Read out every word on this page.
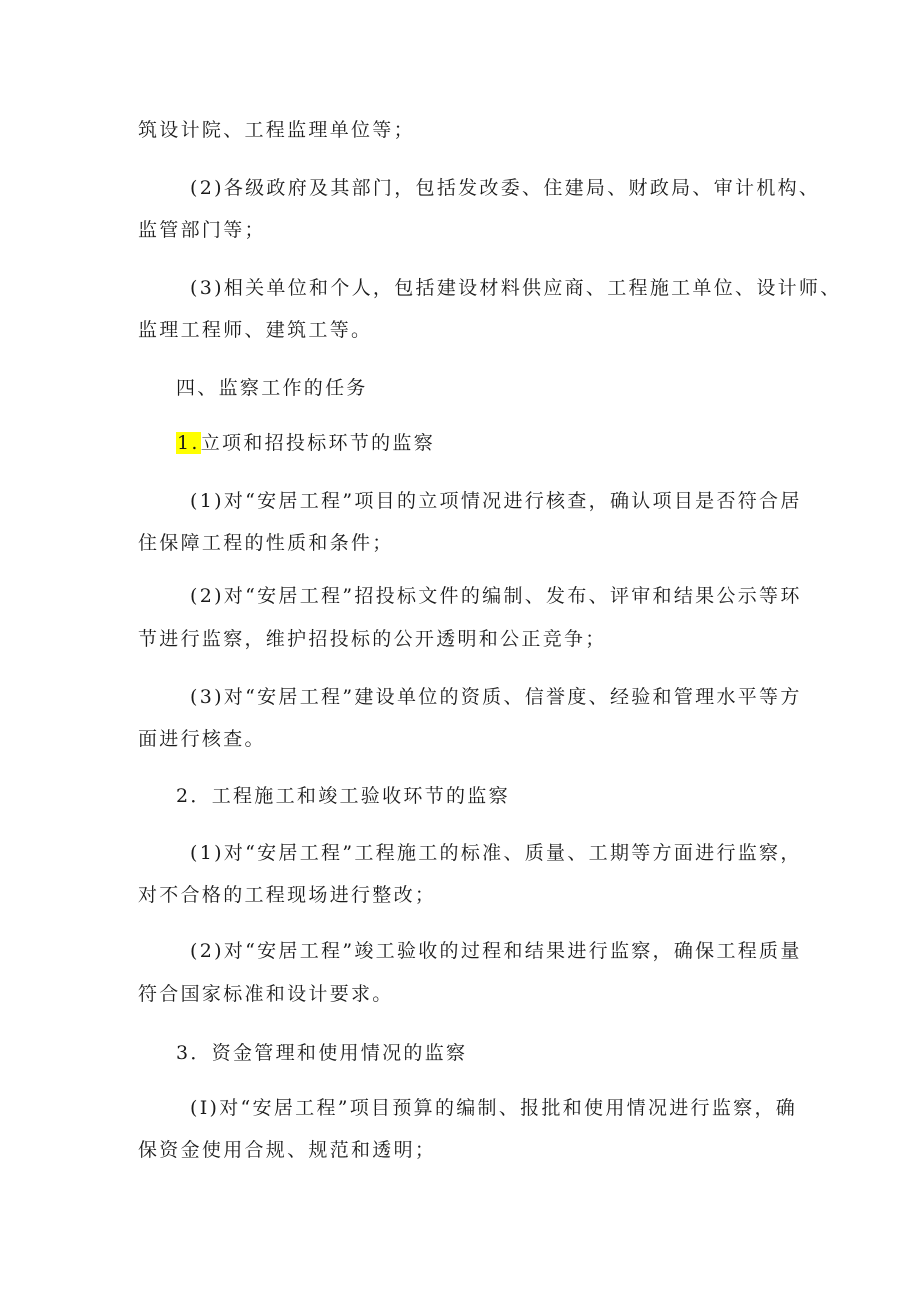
筑设计院、工程监理单位等；
(2)各级政府及其部门，包括发改委、住建局、财政局、审计机构、
监管部门等；
(3)相关单位和个人，包括建设材料供应商、工程施工单位、设计师、
监理工程师、建筑工等。
四、监察工作的任务
1.立项和招投标环节的监察
(1)对“安居工程”项目的立项情况进行核查，确认项目是否符合居
住保障工程的性质和条件；
(2)对“安居工程”招投标文件的编制、发布、评审和结果公示等环
节进行监察，维护招投标的公开透明和公正竞争；
(3)对“安居工程”建设单位的资质、信誉度、经验和管理水平等方
面进行核查。
2．工程施工和竣工验收环节的监察
(1)对“安居工程”工程施工的标准、质量、工期等方面进行监察，
对不合格的工程现场进行整改；
(2)对“安居工程”竣工验收的过程和结果进行监察，确保工程质量
符合国家标准和设计要求。
3．资金管理和使用情况的监察
(I)对“安居工程”项目预算的编制、报批和使用情况进行监察，确
保资金使用合规、规范和透明；
